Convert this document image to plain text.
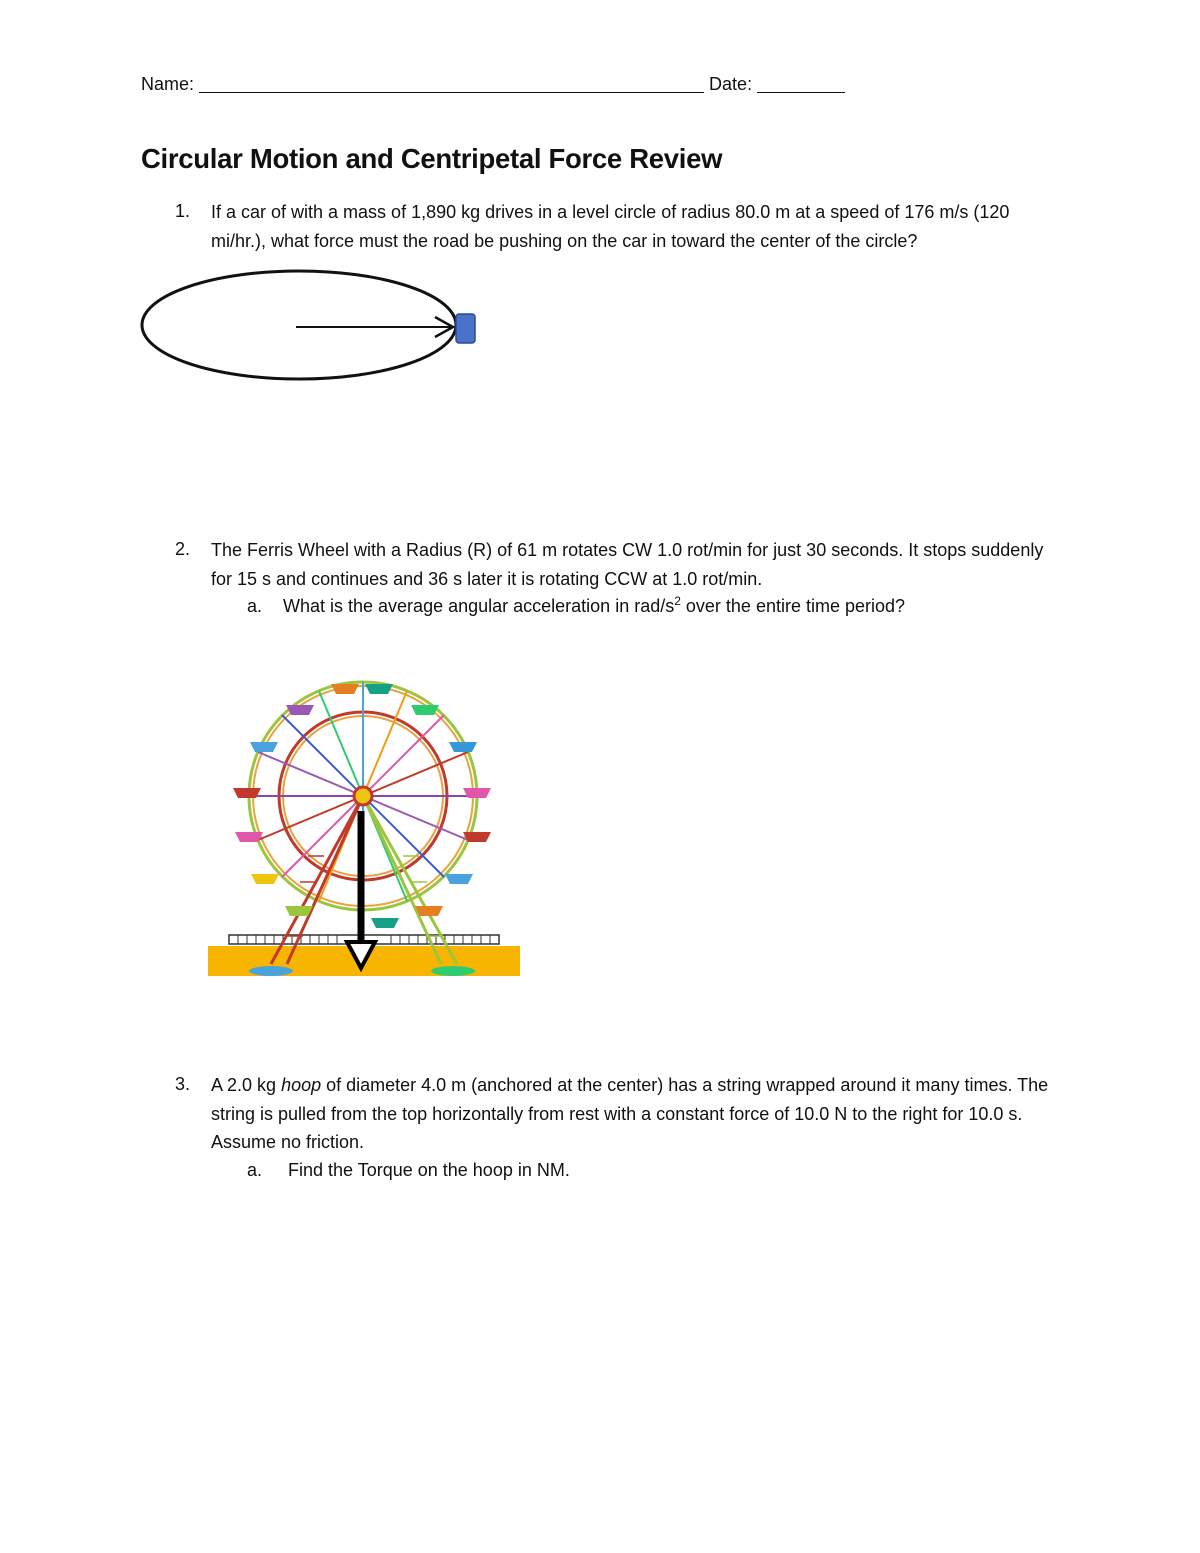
Name:	Date:
Circular Motion and Centripetal Force Review
1. If a car of with a mass of 1,890 kg drives in a level circle of radius 80.0 m at a speed of 176 m/s (120 mi/hr.), what force must the road be pushing on the car in toward the center of the circle?
2. The Ferris Wheel with a Radius (R) of 61 m rotates CW 1.0 rot/min for just 30 seconds. It stops suddenly for 15 s and continues and 36 s later it is rotating CCW at 1.0 rot/min.
a. What is the average angular acceleration in rad/$s^2$ over the entire time period?
3. A 2.0 kg hoop of diameter 4.0 m (anchored at the center) has a string wrapped around it many times. The string is pulled from the top horizontally from rest with a constant force of 10.0 N to the right for 10.0 s. Assume no friction.
a. Find the Torque on the hoop in NM.
